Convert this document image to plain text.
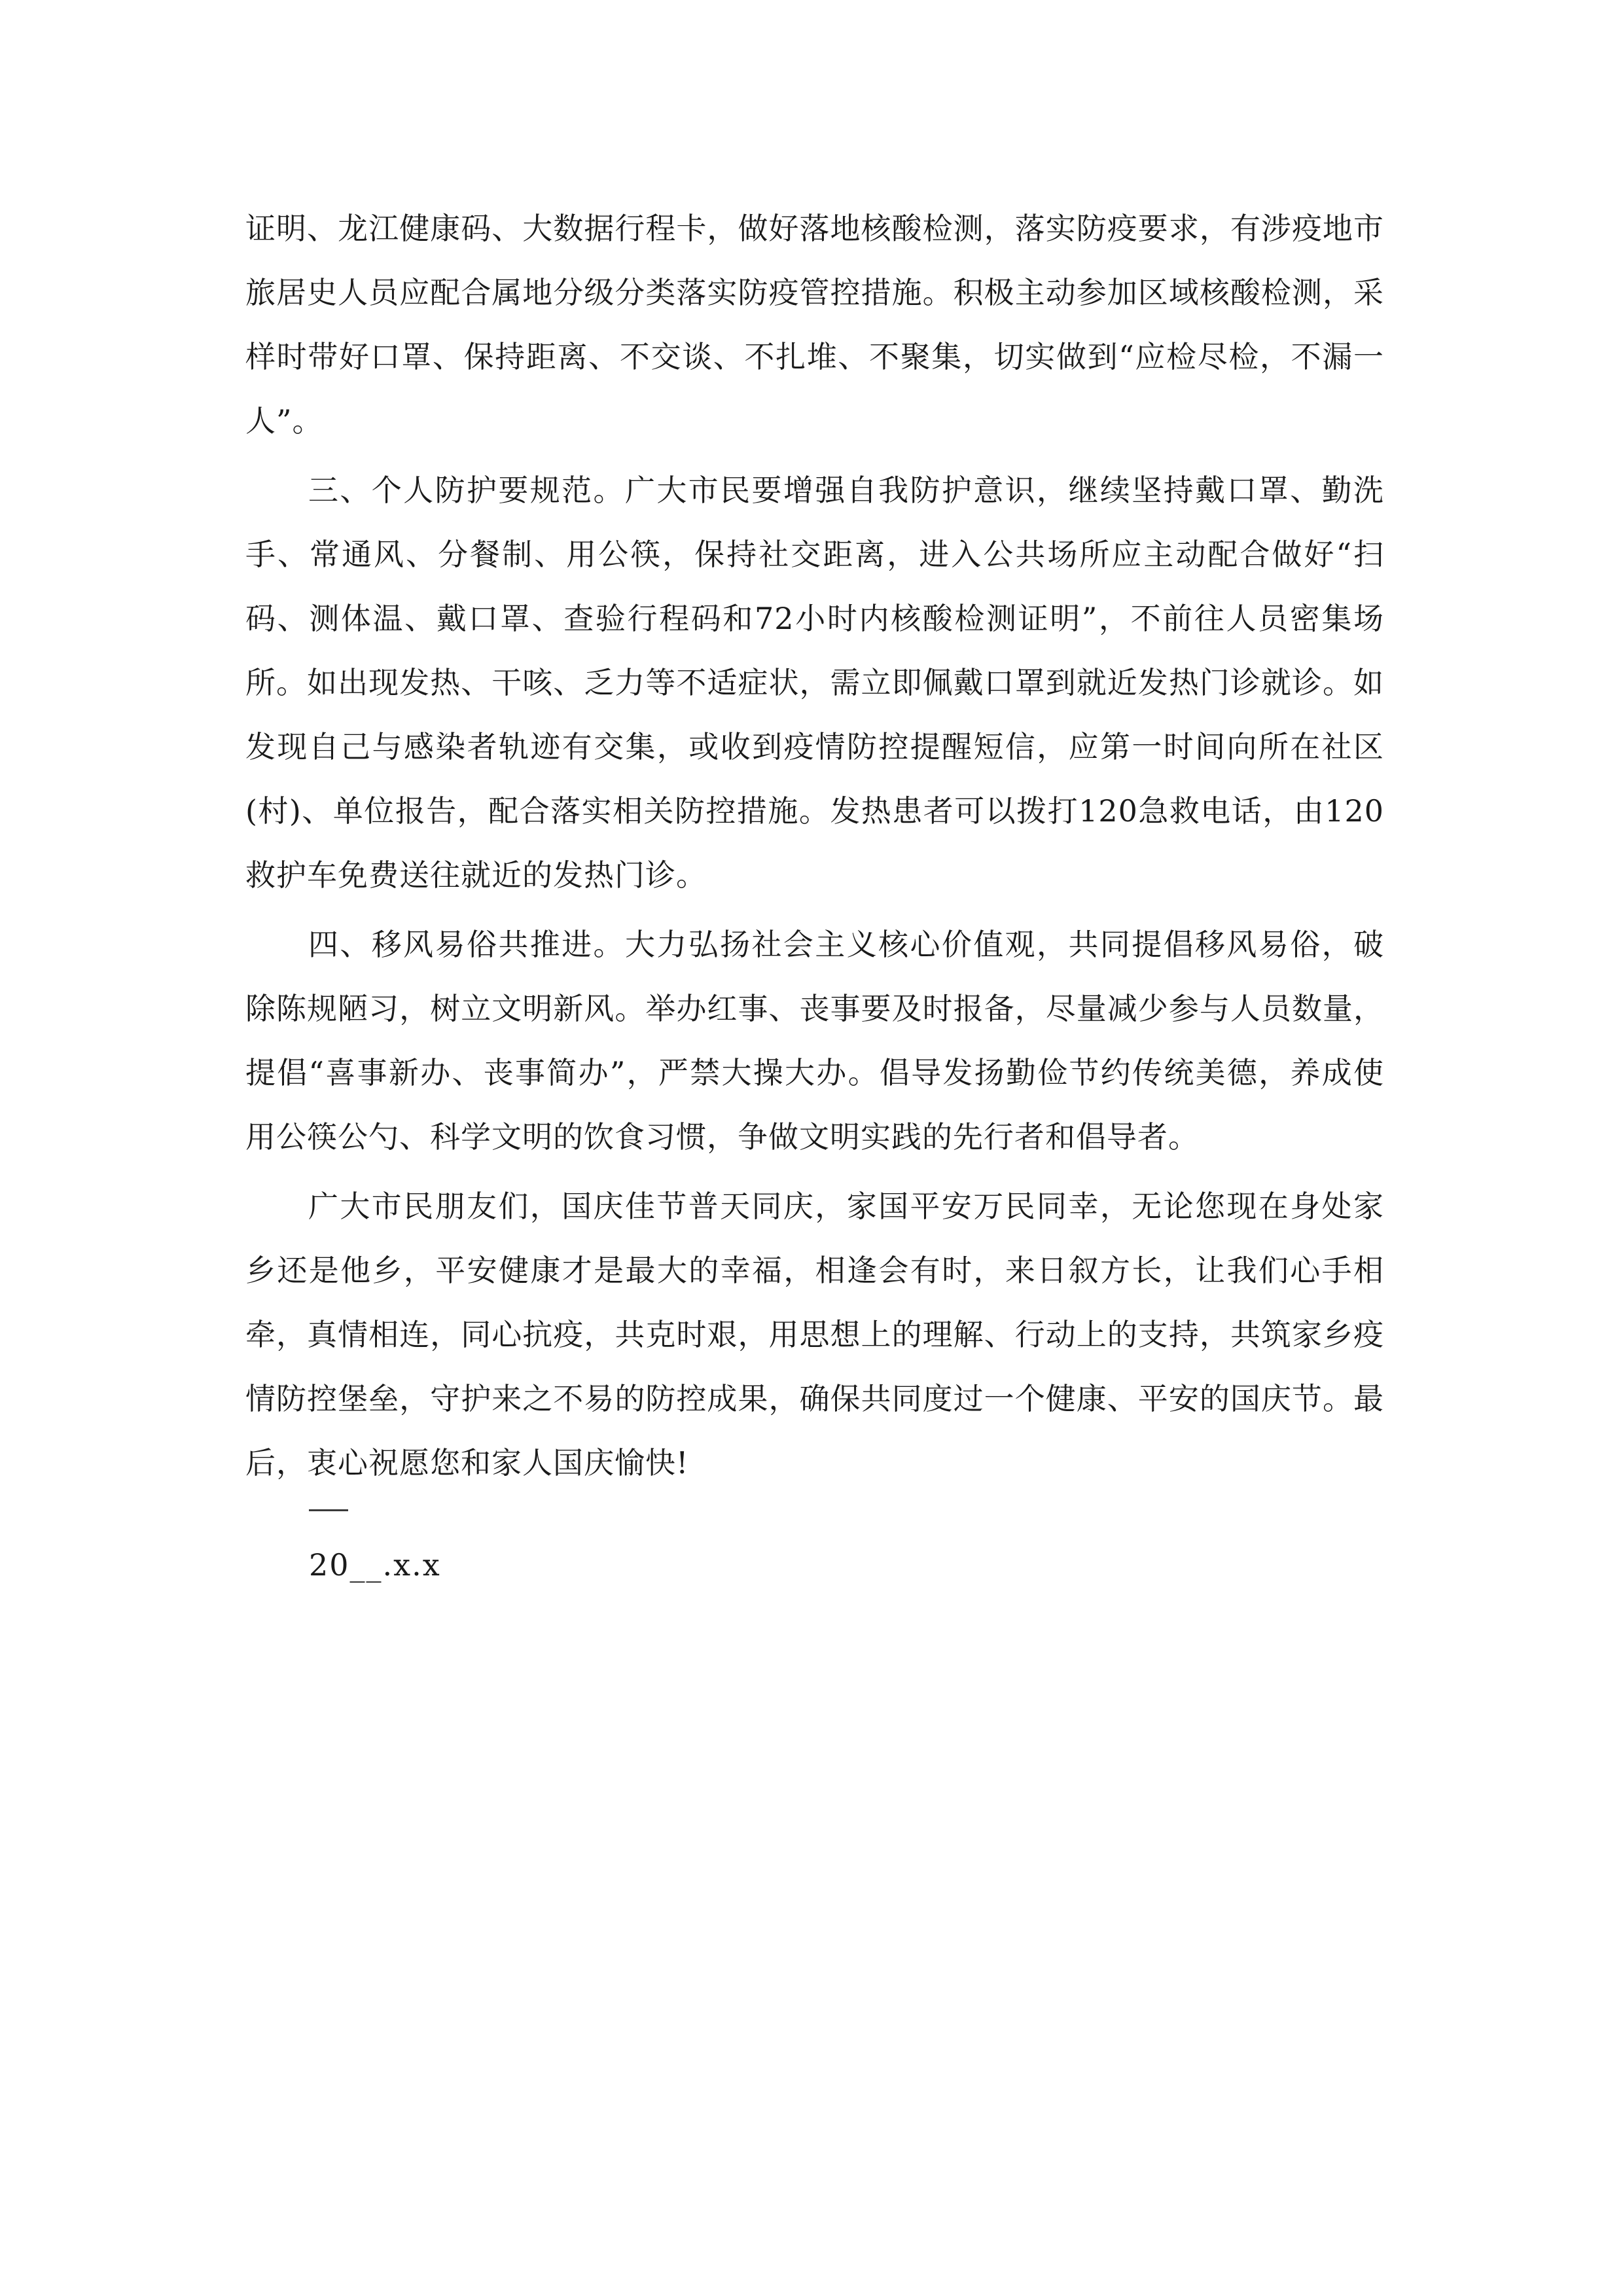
证明、龙江健康码、大数据行程卡，做好落地核酸检测，落实防疫要求，有涉疫地市旅居史人员应配合属地分级分类落实防疫管控措施。积极主动参加区域核酸检测，采样时带好口罩、保持距离、不交谈、不扎堆、不聚集，切实做到“应检尽检，不漏一人”。

三、个人防护要规范。广大市民要增强自我防护意识，继续坚持戴口罩、勤洗手、常通风、分餐制、用公筷，保持社交距离，进入公共场所应主动配合做好“扫码、测体温、戴口罩、查验行程码和72小时内核酸检测证明”，不前往人员密集场所。如出现发热、干咳、乏力等不适症状，需立即佩戴口罩到就近发热门诊就诊。如发现自己与感染者轨迹有交集，或收到疫情防控提醒短信，应第一时间向所在社区(村)、单位报告，配合落实相关防控措施。发热患者可以拨打120急救电话，由120救护车免费送往就近的发热门诊。

四、移风易俗共推进。大力弘扬社会主义核心价值观，共同提倡移风易俗，破除陈规陋习，树立文明新风。举办红事、丧事要及时报备，尽量减少参与人员数量，提倡“喜事新办、丧事简办”，严禁大操大办。倡导发扬勤俭节约传统美德，养成使用公筷公勺、科学文明的饮食习惯，争做文明实践的先行者和倡导者。

广大市民朋友们，国庆佳节普天同庆，家国平安万民同幸，无论您现在身处家乡还是他乡，平安健康才是最大的幸福，相逢会有时，来日叙方长，让我们心手相牵，真情相连，同心抗疫，共克时艰，用思想上的理解、行动上的支持，共筑家乡疫情防控堡垒，守护来之不易的防控成果，确保共同度过一个健康、平安的国庆节。最后，衷心祝愿您和家人国庆愉快!

20__.x.x
